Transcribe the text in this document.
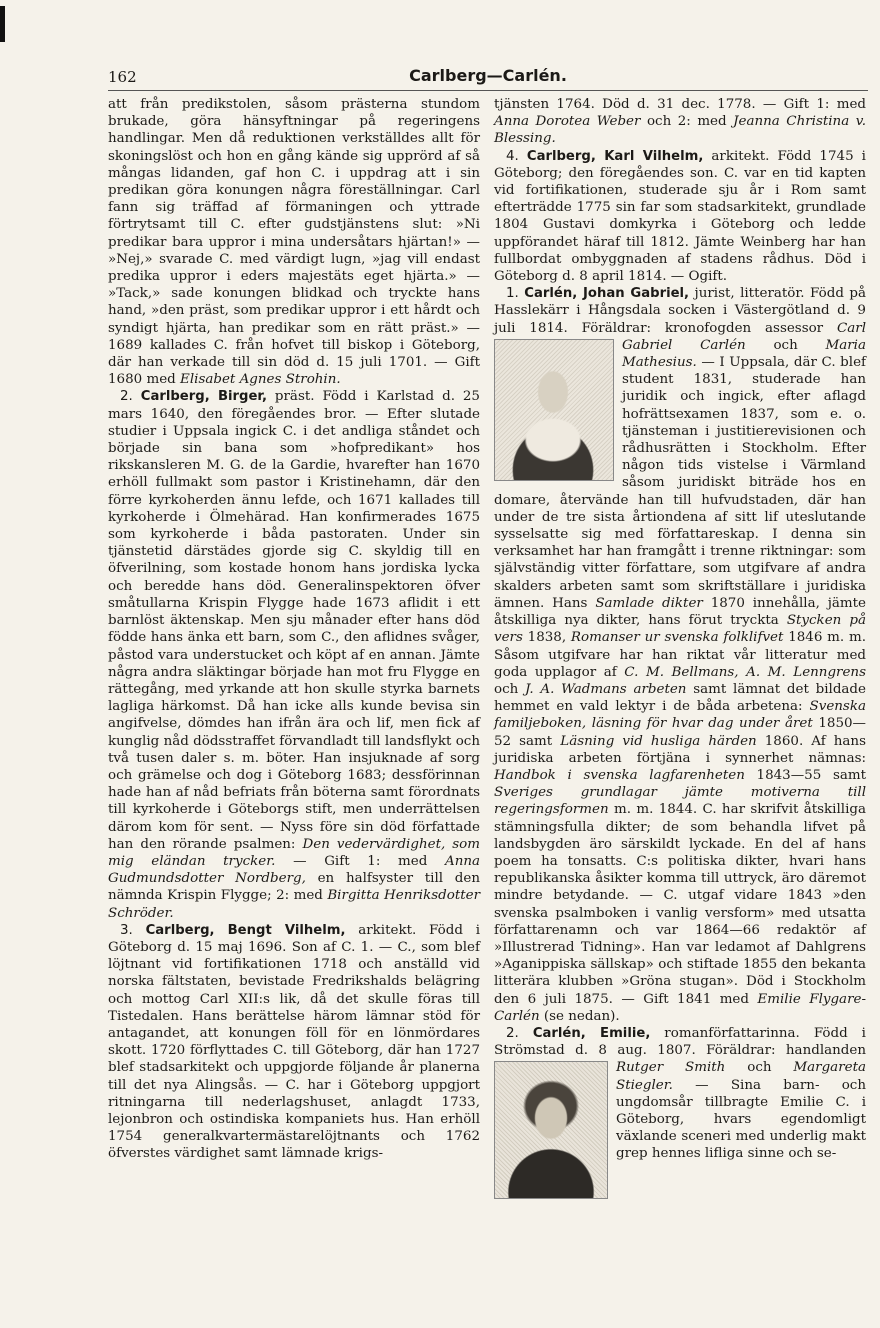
162	Carlberg—Carlén.

att från predikstolen, såsom prästerna stundom brukade, göra hänsyftningar på regeringens handlingar. Men då reduktionen verkställdes allt för skoningslöst och hon en gång kände sig upprörd af så mångas lidanden, gaf hon C. i uppdrag att i sin predikan göra konungen några föreställningar. Carl fann sig träffad af förmaningen och yttrade förtrytsamt till C. efter gudstjänstens slut: »Ni predikar bara uppror i mina undersåtars hjärtan!» — »Nej,» svarade C. med värdigt lugn, »jag vill endast predika uppror i eders majestäts eget hjärta.» — »Tack,» sade konungen blidkad och tryckte hans hand, »den präst, som predikar uppror i ett hårdt och syndigt hjärta, han predikar som en rätt präst.» — 1689 kallades C. från hofvet till biskop i Göteborg, där han verkade till sin död d. 15 juli 1701. — Gift 1680 med Elisabet Agnes Strohin.

2. Carlberg, Birger, präst. Född i Karlstad d. 25 mars 1640, den föregåendes bror. — Efter slutade studier i Uppsala ingick C. i det andliga ståndet och började sin bana som »hofpredikant» hos rikskansleren M. G. de la Gardie, hvarefter han 1670 erhöll fullmakt som pastor i Kristinehamn, där den förre kyrkoherden ännu lefde, och 1671 kallades till kyrkoherde i Ölmehärad. Han konfirmerades 1675 som kyrkoherde i båda pastoraten. Under sin tjänstetid därstädes gjorde sig C. skyldig till en öfverilning, som kostade honom hans jordiska lycka och beredde hans död. Generalinspektoren öfver småtullarna Krispin Flygge hade 1673 aflidit i ett barnlöst äktenskap. Men sju månader efter hans död födde hans änka ett barn, som C., den aflidnes svåger, påstod vara understucket och köpt af en annan. Jämte några andra släktingar började han mot fru Flygge en rättegång, med yrkande att hon skulle styrka barnets lagliga härkomst. Då han icke alls kunde bevisa sin angifvelse, dömdes han ifrån ära och lif, men fick af kunglig nåd dödsstraffet förvandladt till landsflykt och två tusen daler s. m. böter. Han insjuknade af sorg och grämelse och dog i Göteborg 1683; dessförinnan hade han af nåd befriats från böterna samt förordnats till kyrkoherde i Göteborgs stift, men underrättelsen därom kom för sent. — Nyss före sin död författade han den rörande psalmen: Den vedervärdighet, som mig eländan trycker. — Gift 1: med Anna Gudmundsdotter Nordberg, en halfsyster till den nämnda Krispin Flygge; 2: med Birgitta Henriksdotter Schröder.

3. Carlberg, Bengt Vilhelm, arkitekt. Född i Göteborg d. 15 maj 1696. Son af C. 1. — C., som blef löjtnant vid fortifikationen 1718 och anställd vid norska fältstaten, bevistade Fredrikshalds belägring och mottog Carl XII:s lik, då det skulle föras till Tistedalen. Hans berättelse härom lämnar stöd för antagandet, att konungen föll för en lönmördares skott. 1720 förflyttades C. till Göteborg, där han 1727 blef stadsarkitekt och uppgjorde följande år planerna till det nya Alingsås. — C. har i Göteborg uppgjort ritningarna till nederlagshuset, anlagdt 1733, lejonbron och ostindiska kompaniets hus. Han erhöll 1754 generalkvartermästarelöjtnants och 1762 öfverstes värdighet samt lämnade krigs-

tjänsten 1764. Död d. 31 dec. 1778. — Gift 1: med Anna Dorotea Weber och 2: med Jeanna Christina v. Blessing.

4. Carlberg, Karl Vilhelm, arkitekt. Född 1745 i Göteborg; den föregåendes son. C. var en tid kapten vid fortifikationen, studerade sju år i Rom samt efterträdde 1775 sin far som stadsarkitekt, grundlade 1804 Gustavi domkyrka i Göteborg och ledde uppförandet häraf till 1812. Jämte Weinberg har han fullbordat ombyggnaden af stadens rådhus. Död i Göteborg d. 8 april 1814. — Ogift.

1. Carlén, Johan Gabriel, jurist, litteratör. Född på Hasslekärr i Hångsdala socken i Västergötland d. 9 juli 1814. Föräldrar: kronofogden assessor
Carl Gabriel Carlén och Maria Mathesius. — I Uppsala, där C. blef student 1831, studerade han juridik och ingick, efter aflagd hofrättsexamen 1837, som e. o. tjänsteman i justitierevisionen och rådhusrätten i Stockholm. Efter någon tids vistelse i Värmland såsom juridiskt biträde hos en domare, återvände han till hufvudstaden, där han under de tre sista årtiondena af sitt lif uteslutande sysselsatte sig med författareskap. I denna sin verksamhet har han framgått i trenne riktningar: som självständig vitter författare, som utgifvare af andra skalders arbeten samt som skriftställare i juridiska ämnen. Hans Samlade dikter 1870 innehålla, jämte åtskilliga nya dikter, hans förut tryckta Stycken på vers 1838, Romanser ur svenska folklifvet 1846 m. m. Såsom utgifvare har han riktat vår litteratur med goda upplagor af C. M. Bellmans, A. M. Lenngrens och J. A. Wadmans arbeten samt lämnat det bildade hemmet en vald lektyr i de båda arbetena: Svenska familjeboken, läsning för hvar dag under året 1850—52 samt Läsning vid husliga härden 1860. Af hans juridiska arbeten förtjäna i synnerhet nämnas: Handbok i svenska lagfarenheten 1843—55 samt Sveriges grundlagar jämte motiverna till regeringsformen m. m. 1844. C. har skrifvit åtskilliga stämningsfulla dikter; de som behandla lifvet på landsbygden äro särskildt lyckade. En del af hans poem ha tonsatts. C:s politiska dikter, hvari hans republikanska åsikter komma till uttryck, äro däremot mindre betydande. — C. utgaf vidare 1843 »den svenska psalmboken i vanlig versform» med utsatta författarenamn och var 1864—66 redaktör af »Illustrerad Tidning». Han var ledamot af Dahlgrens »Aganippiska sällskap» och stiftade 1855 den bekanta litterära klubben »Gröna stugan». Död i Stockholm den 6 juli 1875. — Gift 1841 med Emilie Flygare-Carlén (se nedan).

2. Carlén, Emilie, romanförfattarinna. Född i Strömstad d. 8 aug. 1807. Föräldrar: handlanden
Rutger Smith och Margareta Stiegler. — Sina barn- och ungdomsår tillbragte Emilie C. i Göteborg, hvars egendomligt växlande sceneri med underlig makt grep hennes lifliga sinne och se-
